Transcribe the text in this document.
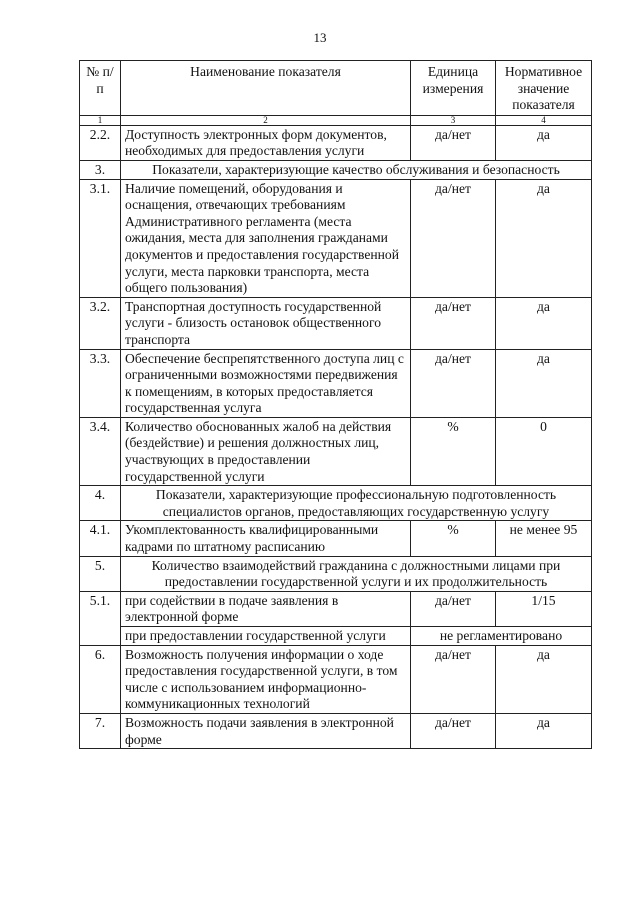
13
№ п/п	Наименование показателя	Единица измерения	Нормативное значение показателя
1	2	3	4
2.2.	Доступность электронных форм документов, необходимых для предоставления услуги	да/нет	да
3.	Показатели, характеризующие качество обслуживания и безопасность		
3.1.	Наличие помещений, оборудования и оснащения, отвечающих требованиям Административного регламента (места ожидания, места для заполнения гражданами документов и предоставления государственной услуги, места парковки транспорта, места общего пользования)	да/нет	да
3.2.	Транспортная доступность государственной услуги - близость остановок общественного транспорта	да/нет	да
3.3.	Обеспечение беспрепятственного доступа лиц с ограниченными возможностями передвижения к помещениям, в которых предоставляется государственная услуга	да/нет	да
3.4.	Количество обоснованных жалоб на действия (бездействие) и решения должностных лиц, участвующих в предоставлении государственной услуги	%	0
4.	Показатели, характеризующие профессиональную подготовленность специалистов органов, предоставляющих государственную услугу		
4.1.	Укомплектованность квалифицированными кадрами по штатному расписанию	%	не менее 95
5.	Количество взаимодействий гражданина с должностными лицами при предоставлении государственной услуги и их продолжительность		
5.1.	при содействии в подаче заявления в электронной форме	да/нет	1/15
	при предоставлении государственной услуги	не регламентировано	
6.	Возможность получения информации о ходе предоставления государственной услуги, в том числе с использованием информационно-коммуникационных технологий	да/нет	да
7.	Возможность подачи заявления в электронной форме	да/нет	да
